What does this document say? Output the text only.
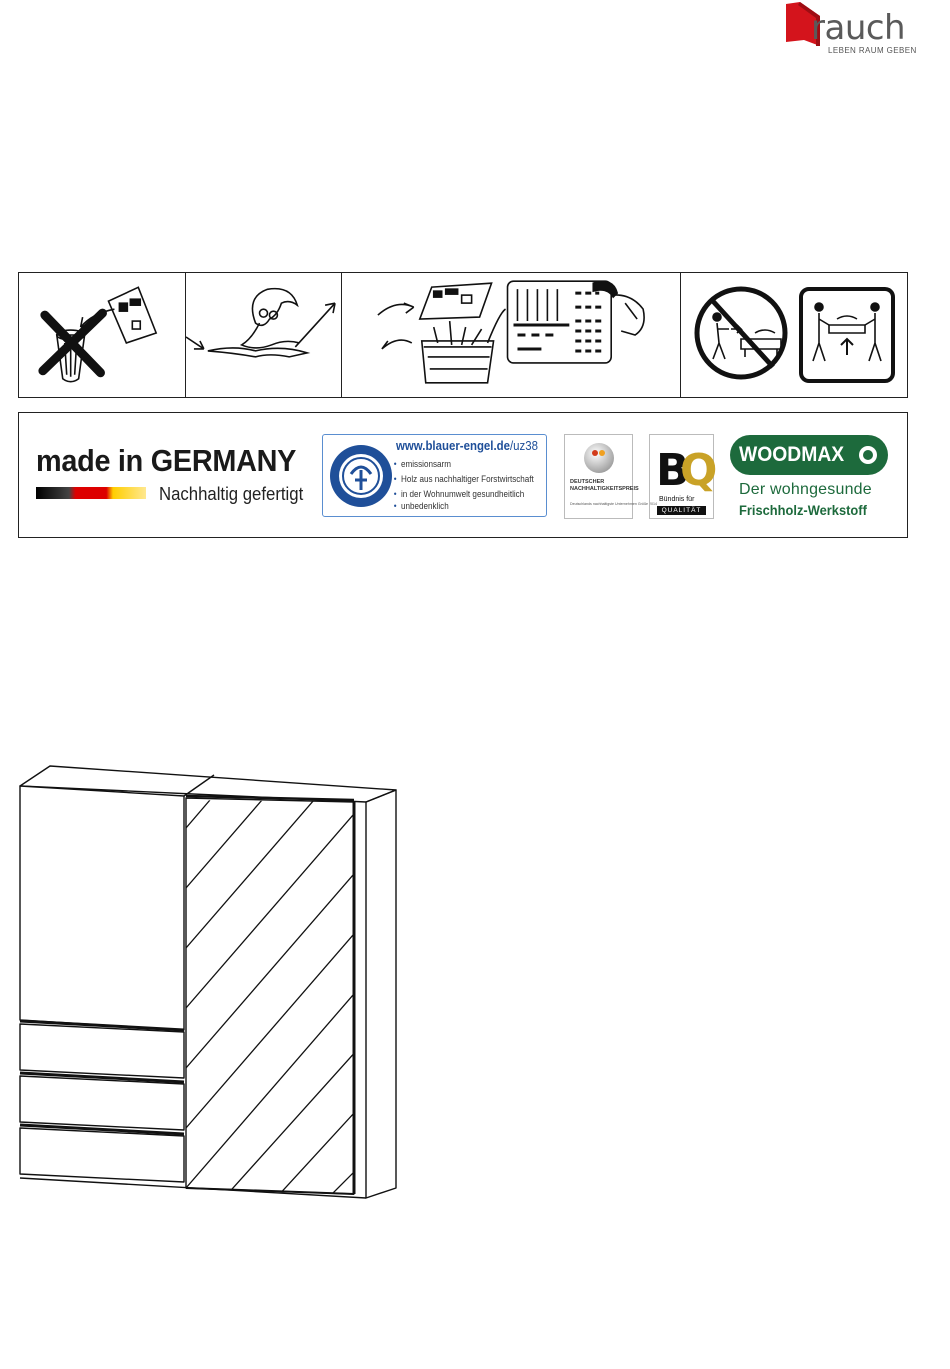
rauch
LEBEN RAUM GEBEN
made in GERMANY
Nachhaltig gefertigt
www.blauer-engel.de/uz38
• emissionsarm
• Holz aus nachhaltiger Forstwirtschaft
• in der Wohnumwelt gesundheitlich
• unbedenklich
DEUTSCHER
NACHHALTIGKEITSPREIS
Deutschlands nachhaltigste Unternehmen Größe 2014
B
Q
Bündnis für
QUALITÄT
WOODMAX
Der wohngesunde
Frischholz-Werkstoff
